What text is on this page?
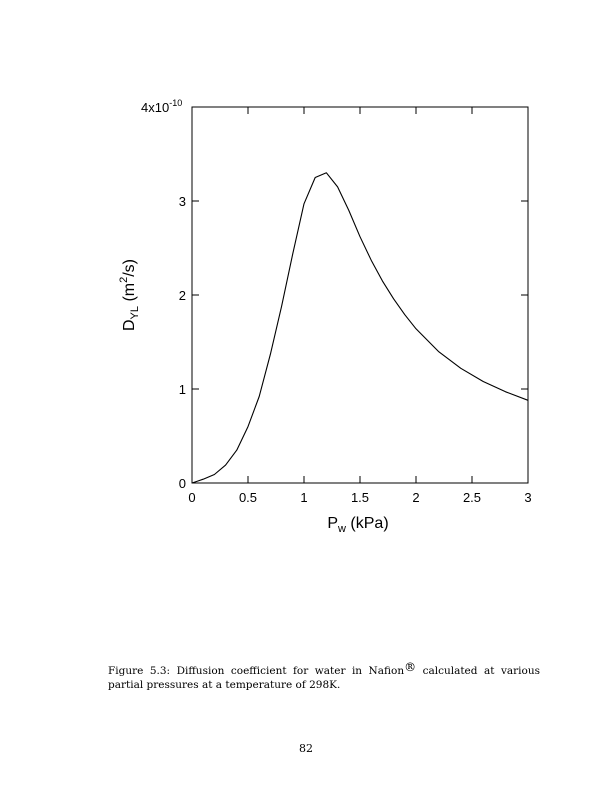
0	0.5	1	1.5	2	2.5	3
0
1
2
3
$4x10^{-10}$
$P_w$ (kPa)
$D_{YL}$ $(m^2/s)$
Figure 5.3: Diffusion coefficient for water in Nafion® calculated at various partial pressures at a temperature of 298K.
82
